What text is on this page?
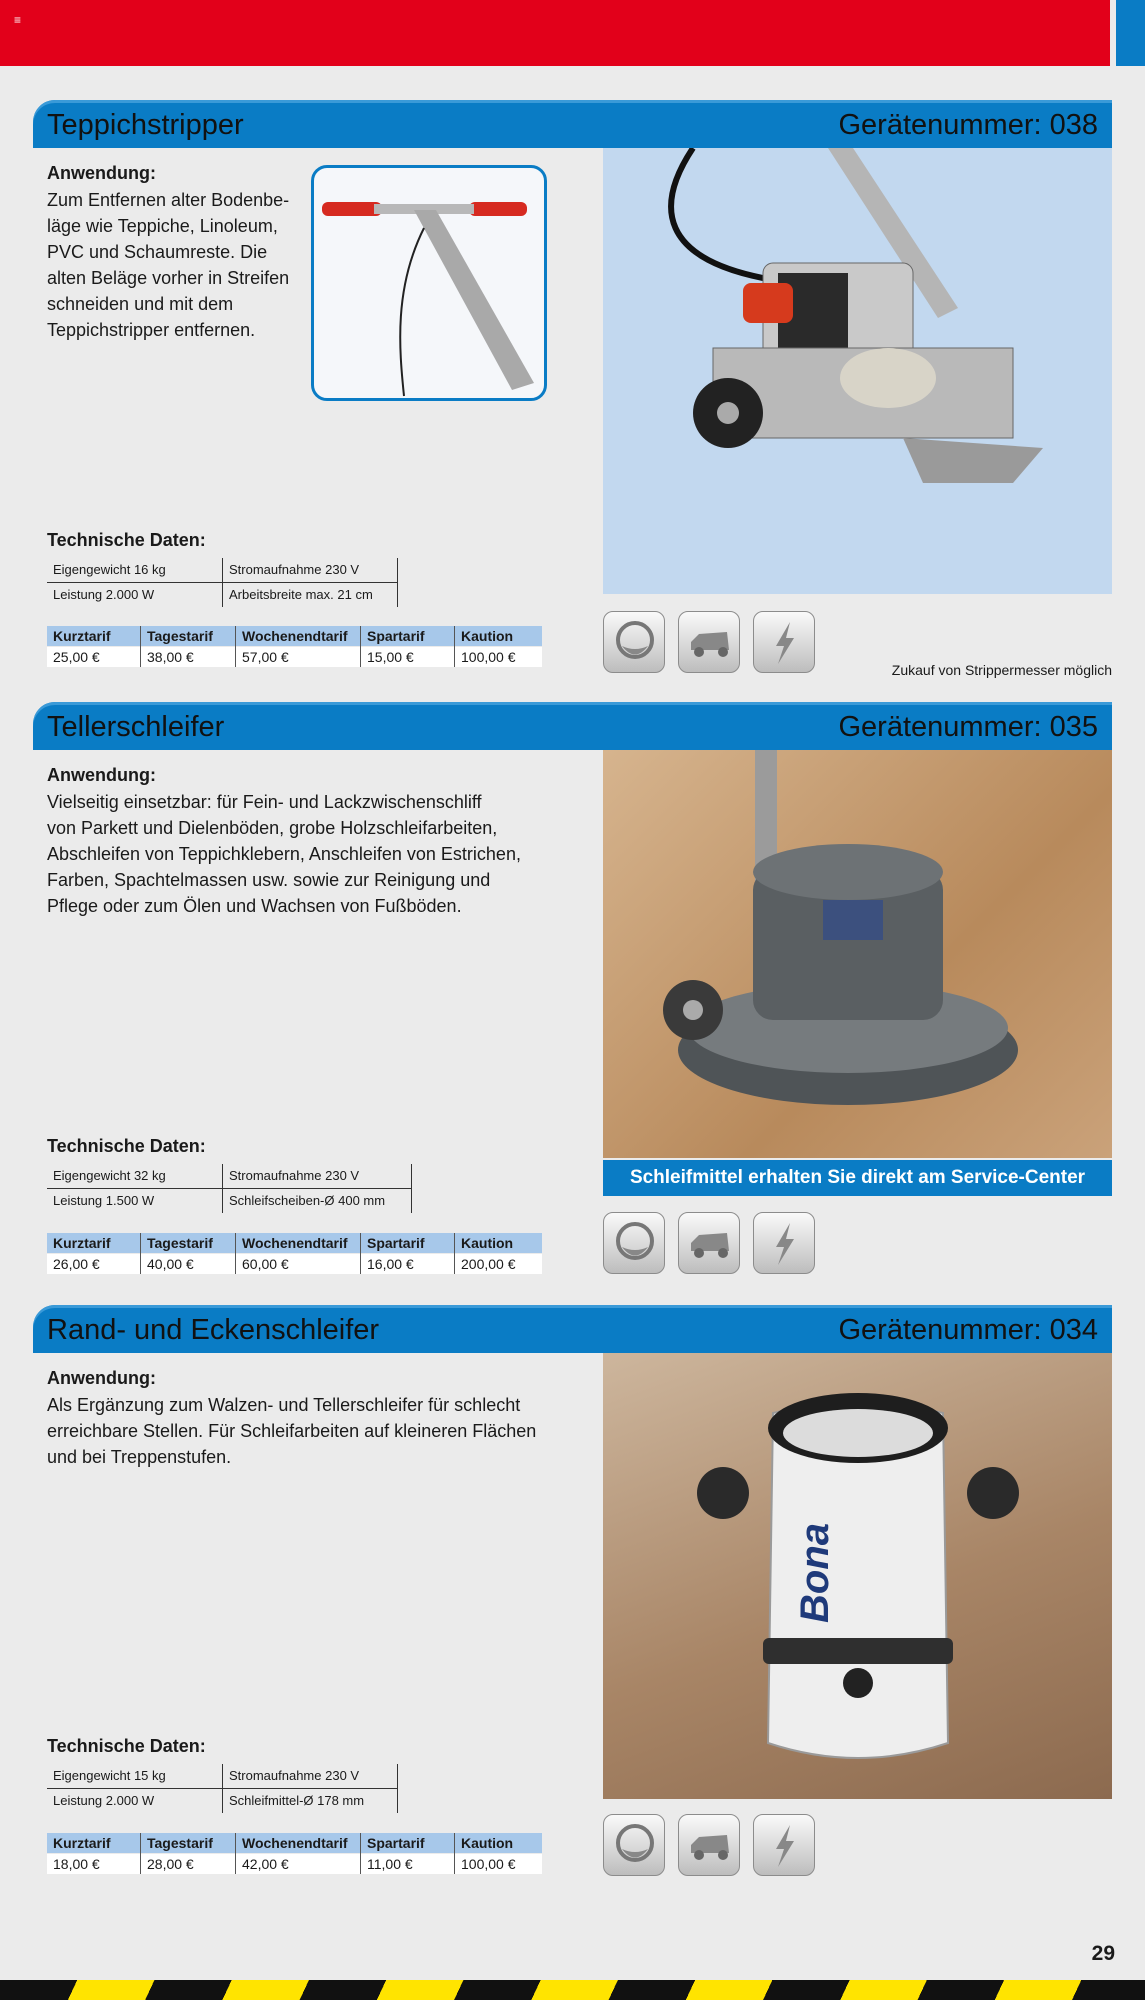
≡
Teppichstripper	Gerätenummer: 038
Anwendung:
Zum Entfernen alter Bodenbe-
läge wie Teppiche, Linoleum,
PVC und Schaumreste. Die
alten Beläge vorher in Streifen
schneiden und mit dem
Teppichstripper entfernen.
Technische Daten:
Eigengewicht 16 kg	Stromaufnahme 230 V
Leistung 2.000 W	Arbeitsbreite max. 21 cm
Kurztarif	Tagestarif	Wochenendtarif	Spartarif	Kaution
25,00 €	38,00 €	57,00 €	15,00 €	100,00 €
Zukauf von Strippermesser möglich
Tellerschleifer	Gerätenummer: 035
Anwendung:
Vielseitig einsetzbar: für Fein- und Lackzwischenschliff
von Parkett und Dielenböden, grobe Holzschleifarbeiten,
Abschleifen von Teppichklebern, Anschleifen von Estrichen,
Farben, Spachtelmassen usw. sowie zur Reinigung und
Pflege oder zum Ölen und Wachsen von Fußböden.
Schleifmittel erhalten Sie direkt am Service-Center
Technische Daten:
Eigengewicht 32 kg	Stromaufnahme 230 V
Leistung 1.500 W	Schleifscheiben-Ø 400 mm
Kurztarif	Tagestarif	Wochenendtarif	Spartarif	Kaution
26,00 €	40,00 €	60,00 €	16,00 €	200,00 €
Rand- und Eckenschleifer	Gerätenummer: 034
Anwendung:
Als Ergänzung zum Walzen- und Tellerschleifer für schlecht
erreichbare Stellen. Für Schleifarbeiten auf kleineren Flächen
und bei Treppenstufen.
Bona
Technische Daten:
Eigengewicht 15 kg	Stromaufnahme 230 V
Leistung 2.000 W	Schleifmittel-Ø 178 mm
Kurztarif	Tagestarif	Wochenendtarif	Spartarif	Kaution
18,00 €	28,00 €	42,00 €	11,00 €	100,00 €
29
